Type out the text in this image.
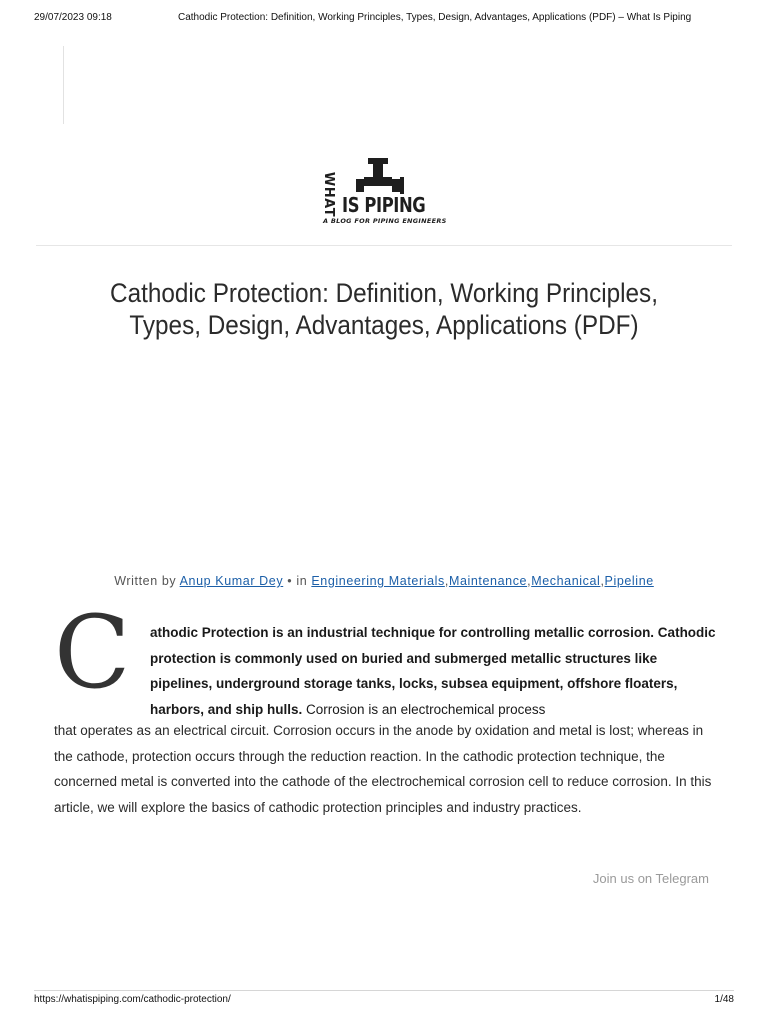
29/07/2023 09:18	Cathodic Protection: Definition, Working Principles, Types, Design, Advantages, Applications (PDF) – What Is Piping
WHAT IS PIPING
A BLOG FOR PIPING ENGINEERS
Cathodic Protection: Definition, Working Principles,
Types, Design, Advantages, Applications (PDF)
Written by Anup Kumar Dey • in Engineering Materials,Maintenance,Mechanical,Pipeline
C athodic Protection is an industrial technique for controlling metallic corrosion. Cathodic protection is commonly used on buried and submerged metallic structures like pipelines, underground storage tanks, locks, subsea equipment, offshore floaters, harbors, and ship hulls. Corrosion is an electrochemical process

that operates as an electrical circuit. Corrosion occurs in the anode by oxidation and metal is lost; whereas in the cathode, protection occurs through the reduction reaction. In the cathodic protection technique, the concerned metal is converted into the cathode of the electrochemical corrosion cell to reduce corrosion. In this article, we will explore the basics of cathodic protection principles and industry practices.

Join us on Telegram
https://whatispiping.com/cathodic-protection/	1/48
